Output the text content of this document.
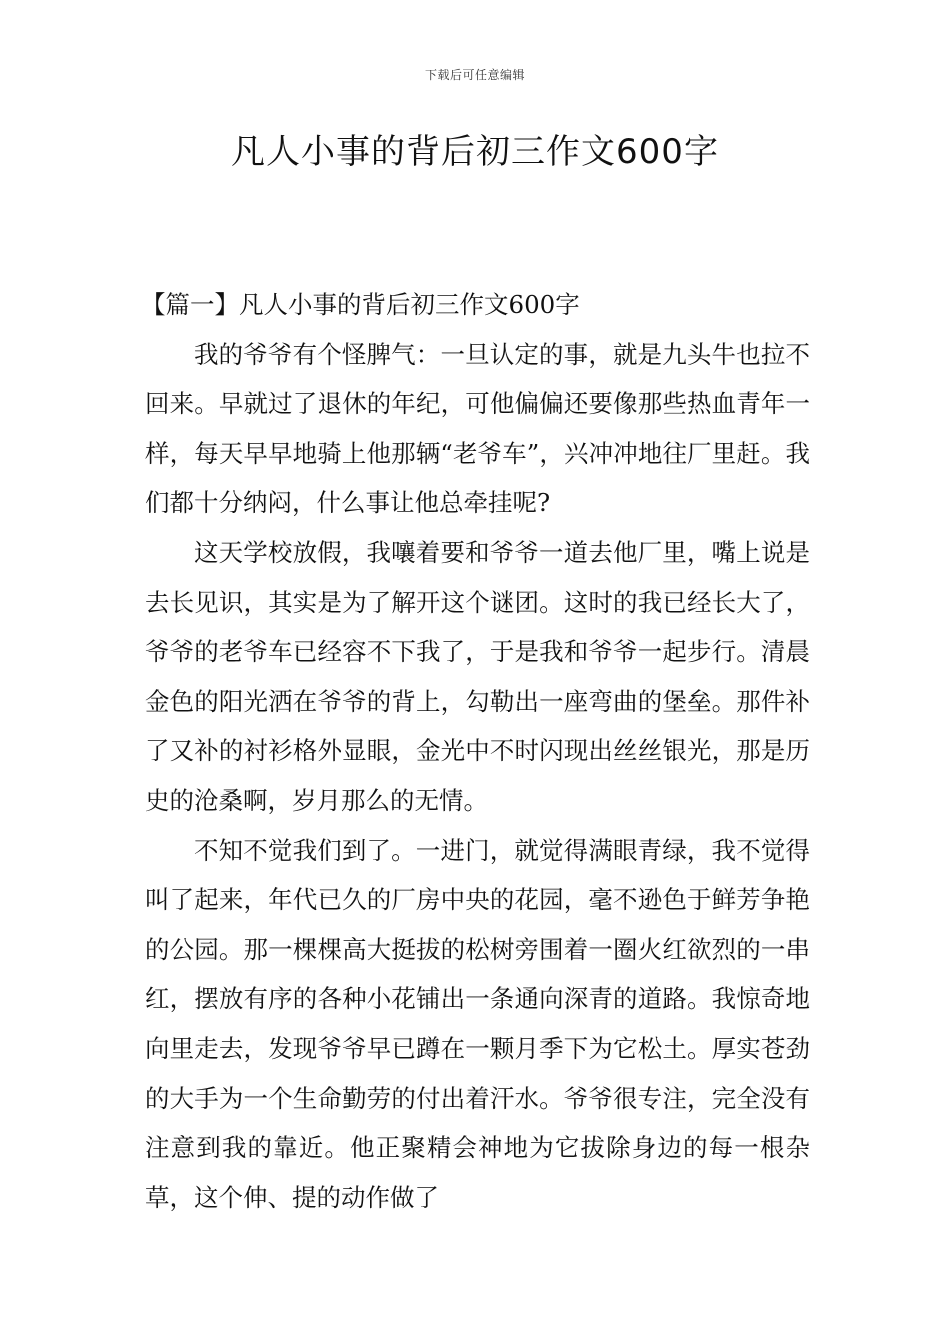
下载后可任意编辑
凡人小事的背后初三作文600字

【篇一】凡人小事的背后初三作文600字

我的爷爷有个怪脾气：一旦认定的事，就是九头牛也拉不回来。早就过了退休的年纪，可他偏偏还要像那些热血青年一样，每天早早地骑上他那辆“老爷车”，兴冲冲地往厂里赶。我们都十分纳闷，什么事让他总牵挂呢?

这天学校放假，我嚷着要和爷爷一道去他厂里，嘴上说是去长见识，其实是为了解开这个谜团。这时的我已经长大了，爷爷的老爷车已经容不下我了，于是我和爷爷一起步行。清晨金色的阳光洒在爷爷的背上，勾勒出一座弯曲的堡垒。那件补了又补的衬衫格外显眼，金光中不时闪现出丝丝银光，那是历史的沧桑啊，岁月那么的无情。

不知不觉我们到了。一进门，就觉得满眼青绿，我不觉得叫了起来，年代已久的厂房中央的花园，毫不逊色于鲜芳争艳的公园。那一棵棵高大挺拔的松树旁围着一圈火红欲烈的一串红，摆放有序的各种小花铺出一条通向深青的道路。我惊奇地向里走去，发现爷爷早已蹲在一颗月季下为它松土。厚实苍劲的大手为一个生命勤劳的付出着汗水。爷爷很专注，完全没有注意到我的靠近。他正聚精会神地为它拔除身边的每一根杂草，这个伸、提的动作做了
